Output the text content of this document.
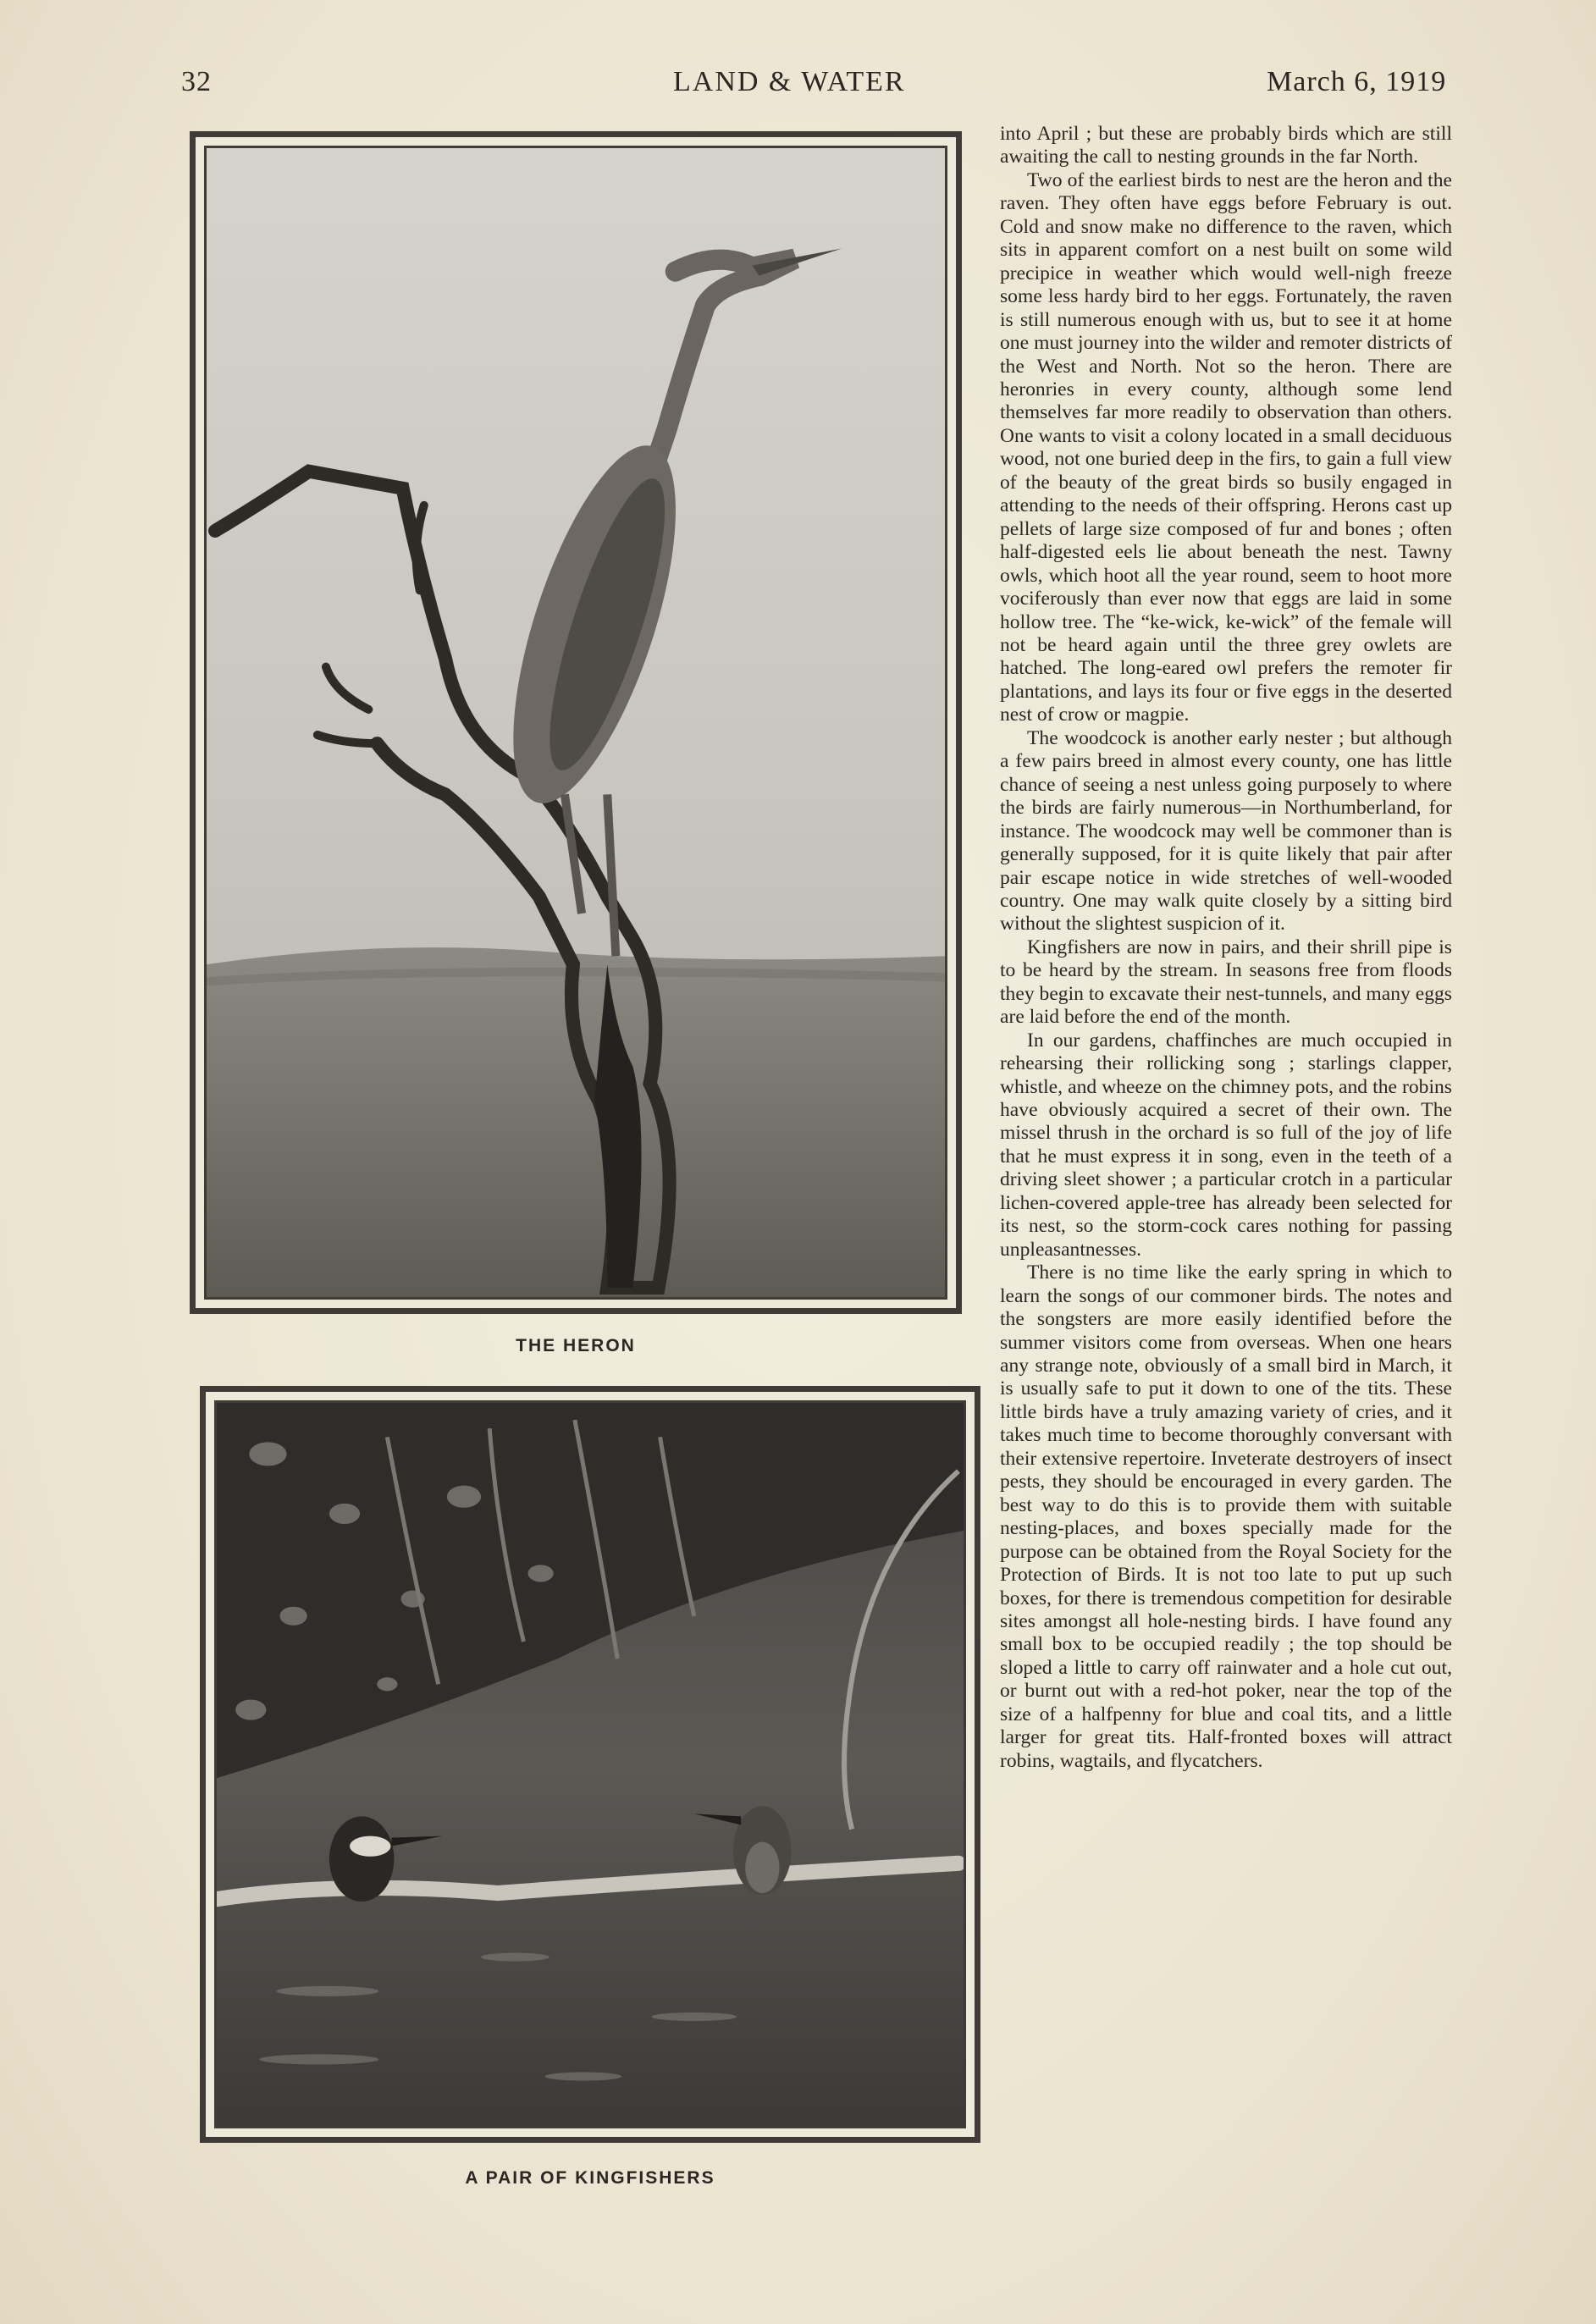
32	LAND & WATER	March 6, 1919
THE HERON
A PAIR OF KINGFISHERS

into April ; but these are probably birds which are still awaiting the call to nesting grounds in the far North.

Two of the earliest birds to nest are the heron and the raven. They often have eggs before February is out. Cold and snow make no difference to the raven, which sits in apparent comfort on a nest built on some wild precipice in weather which would well-nigh freeze some less hardy bird to her eggs. Fortunately, the raven is still numerous enough with us, but to see it at home one must journey into the wilder and remoter districts of the West and North. Not so the heron. There are heronries in every county, although some lend themselves far more readily to observation than others. One wants to visit a colony located in a small deciduous wood, not one buried deep in the firs, to gain a full view of the beauty of the great birds so busily engaged in attending to the needs of their offspring. Herons cast up pellets of large size composed of fur and bones ; often half-digested eels lie about beneath the nest. Tawny owls, which hoot all the year round, seem to hoot more vociferously than ever now that eggs are laid in some hollow tree. The “ke-wick, ke-wick” of the female will not be heard again until the three grey owlets are hatched. The long-eared owl prefers the remoter fir plantations, and lays its four or five eggs in the deserted nest of crow or magpie.

The woodcock is another early nester ; but although a few pairs breed in almost every county, one has little chance of seeing a nest unless going purposely to where the birds are fairly numerous—in Northumberland, for instance. The woodcock may well be commoner than is generally supposed, for it is quite likely that pair after pair escape notice in wide stretches of well-wooded country. One may walk quite closely by a sitting bird without the slightest suspicion of it.

Kingfishers are now in pairs, and their shrill pipe is to be heard by the stream. In seasons free from floods they begin to excavate their nest-tunnels, and many eggs are laid before the end of the month.

In our gardens, chaffinches are much occupied in rehearsing their rollicking song ; starlings clapper, whistle, and wheeze on the chimney pots, and the robins have obviously acquired a secret of their own. The missel thrush in the orchard is so full of the joy of life that he must express it in song, even in the teeth of a driving sleet shower ; a particular crotch in a particular lichen-covered apple-tree has already been selected for its nest, so the storm-cock cares nothing for passing unpleasantnesses.

There is no time like the early spring in which to learn the songs of our commoner birds. The notes and the songsters are more easily identified before the summer visitors come from overseas. When one hears any strange note, obviously of a small bird in March, it is usually safe to put it down to one of the tits. These little birds have a truly amazing variety of cries, and it takes much time to become thoroughly conversant with their extensive repertoire. Inveterate destroyers of insect pests, they should be encouraged in every garden. The best way to do this is to provide them with suitable nesting-places, and boxes specially made for the purpose can be obtained from the Royal Society for the Protection of Birds. It is not too late to put up such boxes, for there is tremendous competition for desirable sites amongst all hole-nesting birds. I have found any small box to be occupied readily ; the top should be sloped a little to carry off rainwater and a hole cut out, or burnt out with a red-hot poker, near the top of the size of a halfpenny for blue and coal tits, and a little larger for great tits. Half-fronted boxes will attract robins, wagtails, and flycatchers.
